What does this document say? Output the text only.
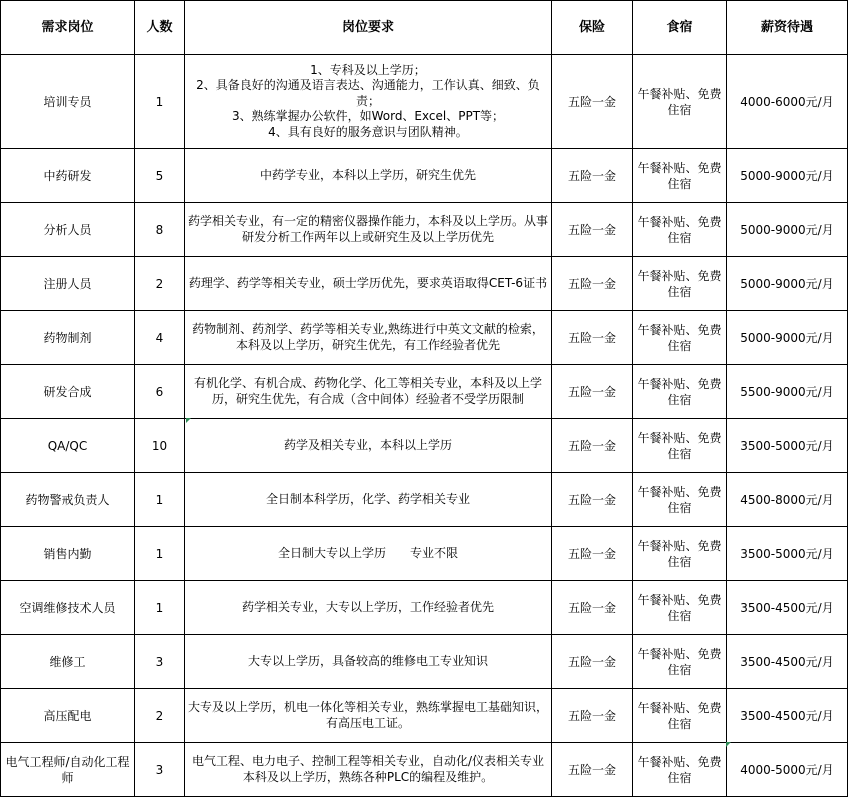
需求岗位	人数	岗位要求	保险	食宿	薪资待遇
培训专员	1	1、专科及以上学历；
2、具备良好的沟通及语言表达、沟通能力，工作认真、细致、负责；
3、熟练掌握办公软件，如Word、Excel、PPT等；
4、具有良好的服务意识与团队精神。	五险一金	午餐补贴、免费住宿	4000-6000元/月
中药研发	5	中药学专业，本科以上学历，研究生优先	五险一金	午餐补贴、免费住宿	5000-9000元/月
分析人员	8	药学相关专业，有一定的精密仪器操作能力，本科及以上学历。从事研发分析工作两年以上或研究生及以上学历优先	五险一金	午餐补贴、免费住宿	5000-9000元/月
注册人员	2	药理学、药学等相关专业，硕士学历优先，要求英语取得CET-6证书	五险一金	午餐补贴、免费住宿	5000-9000元/月
药物制剂	4	药物制剂、药剂学、药学等相关专业,熟练进行中英文文献的检索，本科及以上学历，研究生优先，有工作经验者优先	五险一金	午餐补贴、免费住宿	5000-9000元/月
研发合成	6	有机化学、有机合成、药物化学、化工等相关专业，本科及以上学历，研究生优先，有合成（含中间体）经验者不受学历限制	五险一金	午餐补贴、免费住宿	5500-9000元/月
QA/QC	10	药学及相关专业，本科以上学历	五险一金	午餐补贴、免费住宿	3500-5000元/月
药物警戒负责人	1	全日制本科学历，化学、药学相关专业	五险一金	午餐补贴、免费住宿	4500-8000元/月
销售内勤	1	全日制大专以上学历　　专业不限	五险一金	午餐补贴、免费住宿	3500-5000元/月
空调维修技术人员	1	药学相关专业，大专以上学历，工作经验者优先	五险一金	午餐补贴、免费住宿	3500-4500元/月
维修工	3	大专以上学历，具备较高的维修电工专业知识	五险一金	午餐补贴、免费住宿	3500-4500元/月
高压配电	2	大专及以上学历，机电一体化等相关专业，熟练掌握电工基础知识，有高压电工证。	五险一金	午餐补贴、免费住宿	3500-4500元/月
电气工程师/自动化工程师	3	电气工程、电力电子、控制工程等相关专业，自动化/仪表相关专业本科及以上学历，熟练各种PLC的编程及维护。	五险一金	午餐补贴、免费住宿	4000-5000元/月
